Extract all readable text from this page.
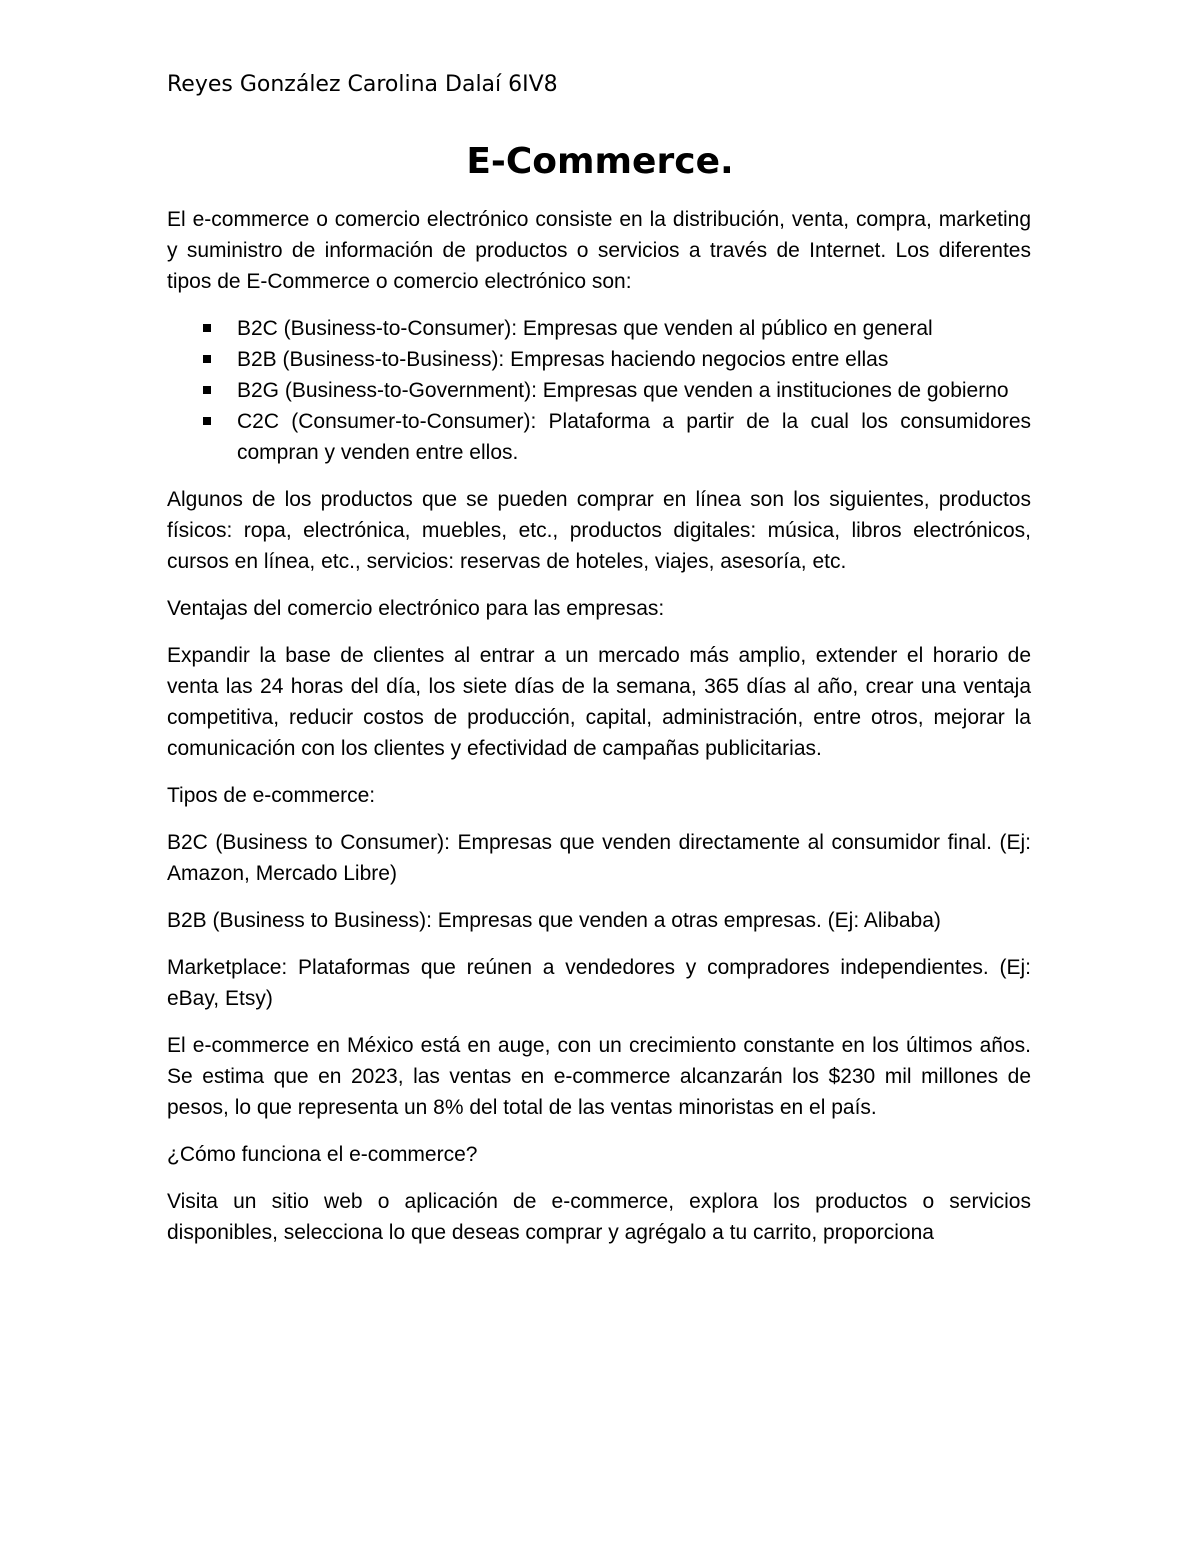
Reyes González Carolina Dalaí 6IV8
E-Commerce.

El e-commerce o comercio electrónico consiste en la distribución, venta, compra, marketing y suministro de información de productos o servicios a través de Internet. Los diferentes tipos de E-Commerce o comercio electrónico son:

B2C (Business-to-Consumer): Empresas que venden al público en general
B2B (Business-to-Business): Empresas haciendo negocios entre ellas
B2G (Business-to-Government): Empresas que venden a instituciones de gobierno
C2C (Consumer-to-Consumer): Plataforma a partir de la cual los consumidores compran y venden entre ellos.

Algunos de los productos que se pueden comprar en línea son los siguientes, productos físicos: ropa, electrónica, muebles, etc., productos digitales: música, libros electrónicos, cursos en línea, etc., servicios: reservas de hoteles, viajes, asesoría, etc.

Ventajas del comercio electrónico para las empresas:

Expandir la base de clientes al entrar a un mercado más amplio, extender el horario de venta las 24 horas del día, los siete días de la semana, 365 días al año, crear una ventaja competitiva, reducir costos de producción, capital, administración, entre otros, mejorar la comunicación con los clientes y efectividad de campañas publicitarias.

Tipos de e-commerce:

B2C (Business to Consumer): Empresas que venden directamente al consumidor final. (Ej: Amazon, Mercado Libre)

B2B (Business to Business): Empresas que venden a otras empresas. (Ej: Alibaba)

Marketplace: Plataformas que reúnen a vendedores y compradores independientes. (Ej: eBay, Etsy)

El e-commerce en México está en auge, con un crecimiento constante en los últimos años. Se estima que en 2023, las ventas en e-commerce alcanzarán los $230 mil millones de pesos, lo que representa un 8% del total de las ventas minoristas en el país.

¿Cómo funciona el e-commerce?

Visita un sitio web o aplicación de e-commerce, explora los productos o servicios disponibles, selecciona lo que deseas comprar y agrégalo a tu carrito, proporciona
